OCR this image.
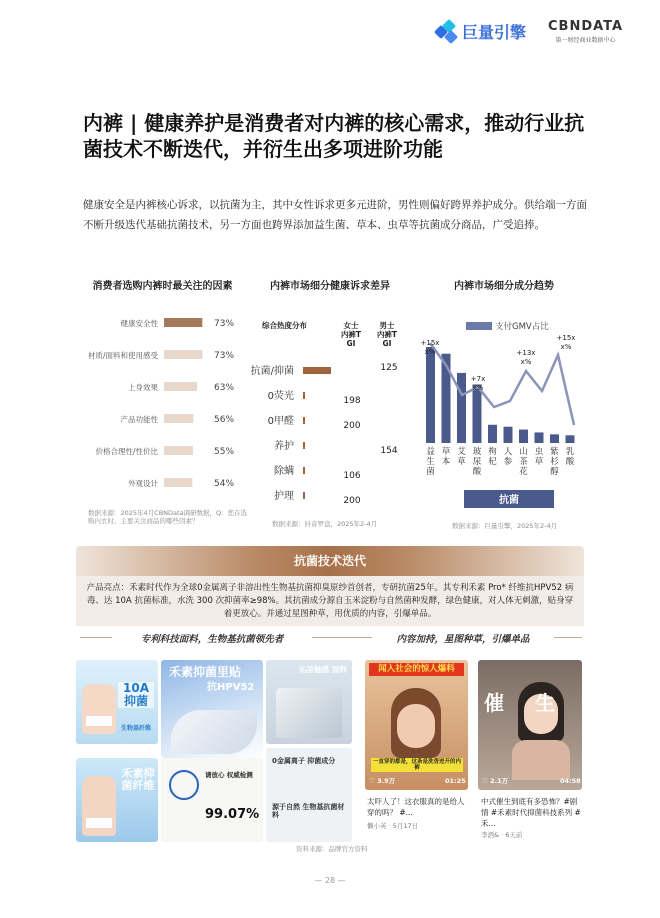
巨量引擎 CBNDATA
第一财经商业数据中心
内裤 | 健康养护是消费者对内裤的核心需求，推动行业抗菌技术不断迭代，并衍生出多项进阶功能
健康安全是内裤核心诉求，以抗菌为主，其中女性诉求更多元进阶，男性则偏好跨界养护成分。供给端一方面不断升级迭代基础抗菌技术，另一方面也跨界添加益生菌、草本、虫草等抗菌成分商品，广受追捧。
消费者选购内裤时最关注的因素
健康安全性	73%
材质/面料和使用感受	73%
上身效果	63%
产品功能性	56%
价格合理性/性价比	55%
外观设计	54%
数据来源：2025年4月CBNData调研数据，Q：您在选购内衣时，主要关注商品的哪些因素？
内裤市场细分健康诉求差异
综合热度分布	女士内裤TGI
男士内裤TGI
抗菌/抑菌	125
0荧光	198
0甲醛	200
养护	154
除螨	106
护理	200
数据来源：抖音罗盘，2025年2-4月
内裤市场细分成分趋势
支付GMV占比
益生菌
草本
艾草
玻尿酸
枸杞
人参
山茶花
虫草
紫杉醇
乳酸
+15x x%
+7x x%
+13x x%
+15x x%
抗菌
数据来源：巨量引擎，2025年2-4月
抗菌技术迭代
产品亮点：禾素时代作为全球0金属离子非溶出性生物基抗菌抑臭原纱首创者，专研抗菌25年。其专利禾素 Pro* 纤维抗HPV52 病毒、达 10A 抗菌标准，水洗 300 次抑菌率≥98%。其抗菌成分源自玉米淀粉与自然菌种发酵，绿色健康，对人体无刺激，贴身穿着更放心。并通过星图种草，用优质的内容，引爆单品。
专利科技面料，生物基抗菌领先者	内容加持，星图种草，引爆单品
10A抑菌
生物基纤维
禾素抑菌里贴
抗HPV52
请放心 权威检测
99.07%
沁凉触感 面料
0金属离子 抑菌成分
源于自然 生物基抗菌材料
禾素抑菌纤维
闻入社会的惊人爆料
一直穿的都是，这条是洗香迸开的内裤
♡ 3.9万	01:25
太吓人了！这衣服真的是给人穿的吗？ #...
懒小英 · 5月17日
催 生
♡ 2.1万	04:58
中式催生到底有多恐怖？#剧情 #禾素时代抑菌科技系列 #禾...
李洒& · 6天前
资料来源：品牌官方资料
— 28 —
